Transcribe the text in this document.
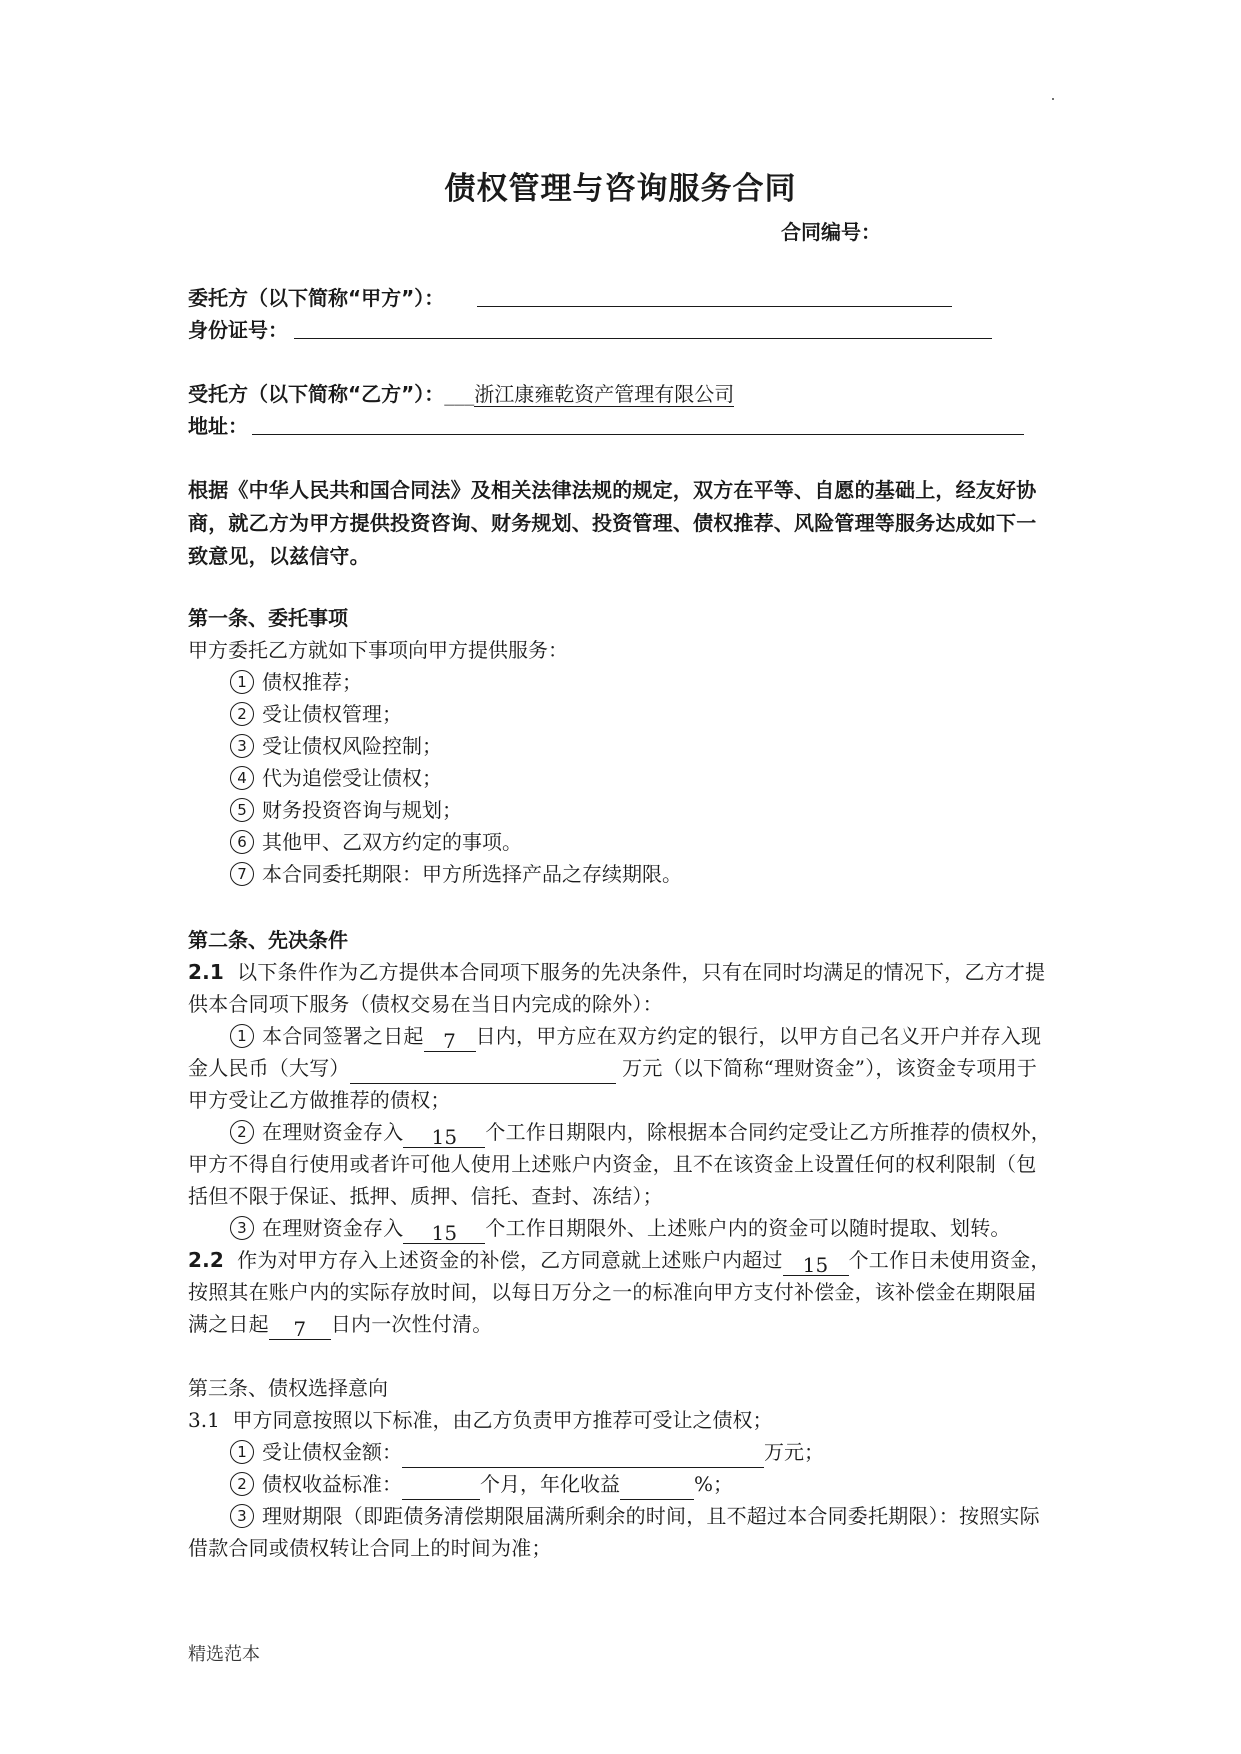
债权管理与咨询服务合同
合同编号：
委托方（以下简称“甲方”）：
身份证号：
受托方（以下简称“乙方”）：___浙江康雍乾资产管理有限公司
地址：
根据《中华人民共和国合同法》及相关法律法规的规定，双方在平等、自愿的基础上，经友好协商，就乙方为甲方提供投资咨询、财务规划、投资管理、债权推荐、风险管理等服务达成如下一致意见，以兹信守。
第一条、委托事项
甲方委托乙方就如下事项向甲方提供服务：
1 债权推荐；
2 受让债权管理；
3 受让债权风险控制；
4 代为追偿受让债权；
5 财务投资咨询与规划；
6 其他甲、乙双方约定的事项。
7 本合同委托期限：甲方所选择产品之存续期限。
第二条、先决条件
2.1 以下条件作为乙方提供本合同项下服务的先决条件，只有在同时均满足的情况下，乙方才提供本合同项下服务（债权交易在当日内完成的除外）：
1 本合同签署之日起 7 日内，甲方应在双方约定的银行，以甲方自己名义开户并存入现金人民币（大写）	万元（以下简称“理财资金”），该资金专项用于甲方受让乙方做推荐的债权；
2 在理财资金存入 15 个工作日期限内，除根据本合同约定受让乙方所推荐的债权外，甲方不得自行使用或者许可他人使用上述账户内资金，且不在该资金上设置任何的权利限制（包括但不限于保证、抵押、质押、信托、查封、冻结）；
3 在理财资金存入 15 个工作日期限外、上述账户内的资金可以随时提取、划转。
2.2 作为对甲方存入上述资金的补偿，乙方同意就上述账户内超过 15 个工作日未使用资金，按照其在账户内的实际存放时间，以每日万分之一的标准向甲方支付补偿金，该补偿金在期限届满之日起 7 日内一次性付清。
第三条、债权选择意向
3.1 甲方同意按照以下标准，由乙方负责甲方推荐可受让之债权；
1 受让债权金额：	万元；
2 债权收益标准：	个月，年化收益	%；
3 理财期限（即距债务清偿期限届满所剩余的时间，且不超过本合同委托期限）：按照实际借款合同或债权转让合同上的时间为准；
精选范本
